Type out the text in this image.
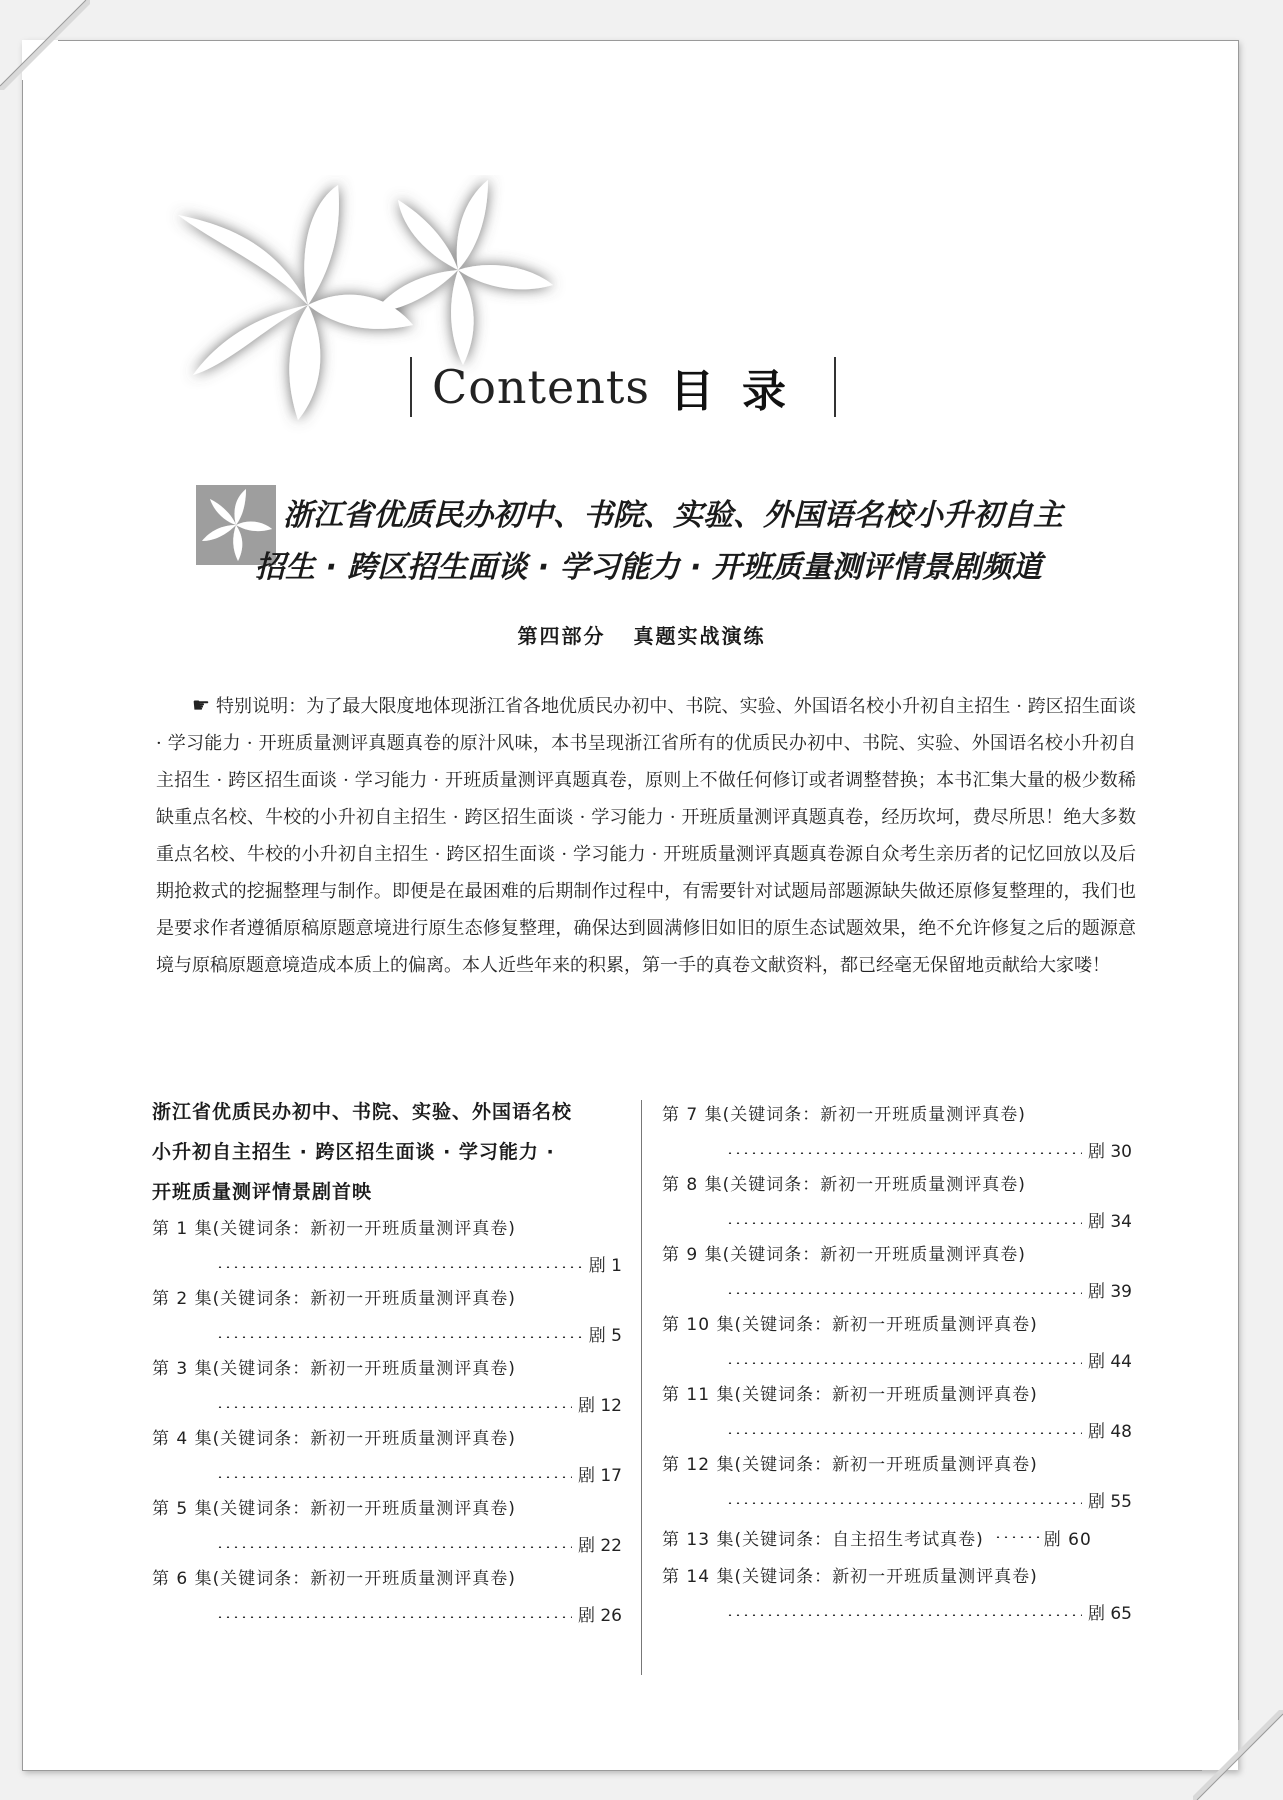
Contents 目录
浙江省优质民办初中、书院、实验、外国语名校小升初自主
招生 · 跨区招生面谈 · 学习能力 · 开班质量测评情景剧频道
第四部分 真题实战演练
☛ 特别说明：为了最大限度地体现浙江省各地优质民办初中、书院、实验、外国语名校小升初自主招生 · 跨区招生面谈 · 学习能力 · 开班质量测评真题真卷的原汁风味，本书呈现浙江省所有的优质民办初中、书院、实验、外国语名校小升初自主招生 · 跨区招生面谈 · 学习能力 · 开班质量测评真题真卷，原则上不做任何修订或者调整替换；本书汇集大量的极少数稀缺重点名校、牛校的小升初自主招生 · 跨区招生面谈 · 学习能力 · 开班质量测评真题真卷，经历坎坷，费尽所思！绝大多数重点名校、牛校的小升初自主招生 · 跨区招生面谈 · 学习能力 · 开班质量测评真题真卷源自众考生亲历者的记忆回放以及后期抢救式的挖掘整理与制作。即便是在最困难的后期制作过程中，有需要针对试题局部题源缺失做还原修复整理的，我们也是要求作者遵循原稿原题意境进行原生态修复整理，确保达到圆满修旧如旧的原生态试题效果，绝不允许修复之后的题源意境与原稿原题意境造成本质上的偏离。本人近些年来的积累，第一手的真卷文献资料，都已经毫无保留地贡献给大家喽！
浙江省优质民办初中、书院、实验、外国语名校
小升初自主招生 · 跨区招生面谈 · 学习能力 ·
开班质量测评情景剧首映
第 1 集(关键词条：新初一开班质量测评真卷)
剧 1
第 2 集(关键词条：新初一开班质量测评真卷)
剧 5
第 3 集(关键词条：新初一开班质量测评真卷)
剧 12
第 4 集(关键词条：新初一开班质量测评真卷)
剧 17
第 5 集(关键词条：新初一开班质量测评真卷)
剧 22
第 6 集(关键词条：新初一开班质量测评真卷)
剧 26
第 7 集(关键词条：新初一开班质量测评真卷)
剧 30
第 8 集(关键词条：新初一开班质量测评真卷)
剧 34
第 9 集(关键词条：新初一开班质量测评真卷)
剧 39
第 10 集(关键词条：新初一开班质量测评真卷)
剧 44
第 11 集(关键词条：新初一开班质量测评真卷)
剧 48
第 12 集(关键词条：新初一开班质量测评真卷)
剧 55
第 13 集(关键词条：自主招生考试真卷)	剧 60
第 14 集(关键词条：新初一开班质量测评真卷)
剧 65
